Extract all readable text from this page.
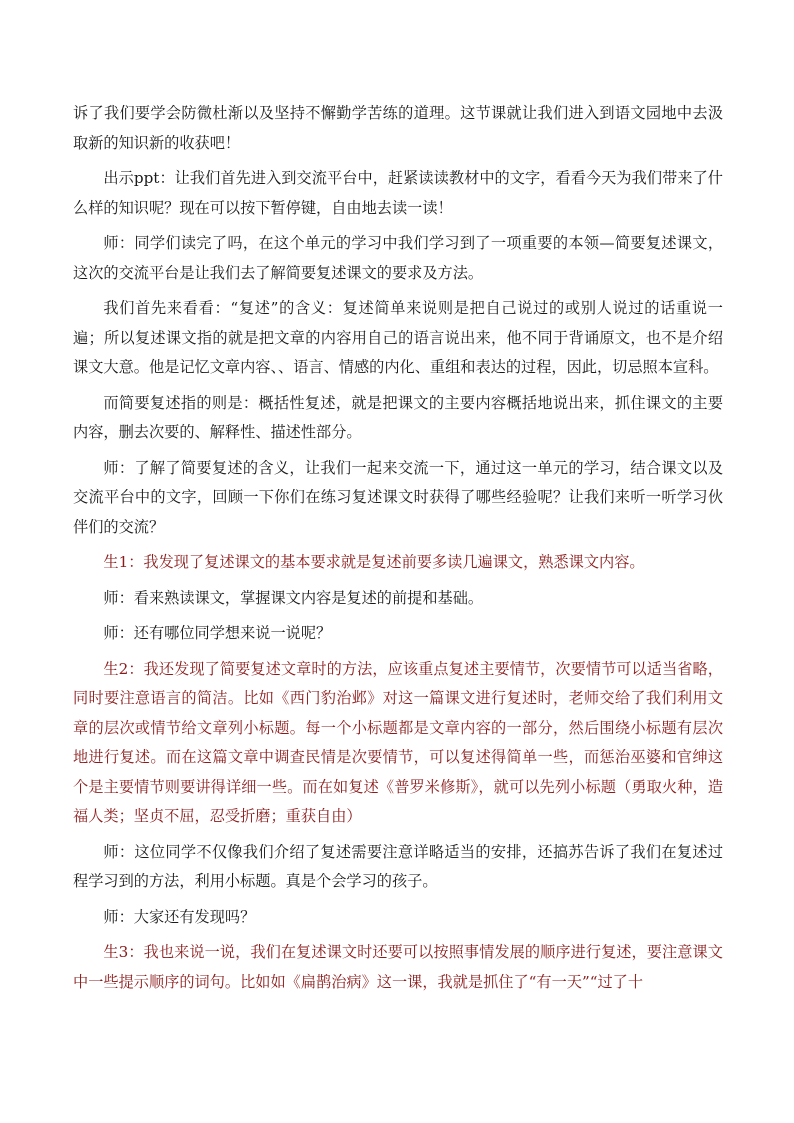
诉了我们要学会防微杜渐以及坚持不懈勤学苦练的道理。这节课就让我们进入到语文园地中去汲取新的知识新的收获吧！

出示ppt：让我们首先进入到交流平台中，赶紧读读教材中的文字，看看今天为我们带来了什么样的知识呢？现在可以按下暂停键，自由地去读一读！

师：同学们读完了吗，在这个单元的学习中我们学习到了一项重要的本领—简要复述课文，这次的交流平台是让我们去了解简要复述课文的要求及方法。

我们首先来看看：“复述”的含义：复述简单来说则是把自己说过的或别人说过的话重说一遍；所以复述课文指的就是把文章的内容用自己的语言说出来，他不同于背诵原文，也不是介绍课文大意。他是记忆文章内容、、语言、情感的内化、重组和表达的过程，因此，切忌照本宣科。

而简要复述指的则是：概括性复述，就是把课文的主要内容概括地说出来，抓住课文的主要内容，删去次要的、解释性、描述性部分。

师：了解了简要复述的含义，让我们一起来交流一下，通过这一单元的学习，结合课文以及交流平台中的文字，回顾一下你们在练习复述课文时获得了哪些经验呢？让我们来听一听学习伙伴们的交流？

生1：我发现了复述课文的基本要求就是复述前要多读几遍课文，熟悉课文内容。

师：看来熟读课文，掌握课文内容是复述的前提和基础。

师：还有哪位同学想来说一说呢？

生2：我还发现了简要复述文章时的方法，应该重点复述主要情节，次要情节可以适当省略，同时要注意语言的简洁。比如《西门豹治邺》对这一篇课文进行复述时，老师交给了我们利用文章的层次或情节给文章列小标题。每一个小标题都是文章内容的一部分，然后围绕小标题有层次地进行复述。而在这篇文章中调查民情是次要情节，可以复述得简单一些，而惩治巫婆和官绅这个是主要情节则要讲得详细一些。而在如复述《普罗米修斯》，就可以先列小标题（勇取火种，造福人类；坚贞不屈，忍受折磨；重获自由）

师：这位同学不仅像我们介绍了复述需要注意详略适当的安排，还搞苏告诉了我们在复述过程学习到的方法，利用小标题。真是个会学习的孩子。

师：大家还有发现吗？

生3：我也来说一说，我们在复述课文时还要可以按照事情发展的顺序进行复述，要注意课文中一些提示顺序的词句。比如如《扁鹊治病》这一课，我就是抓住了“有一天”“过了十
